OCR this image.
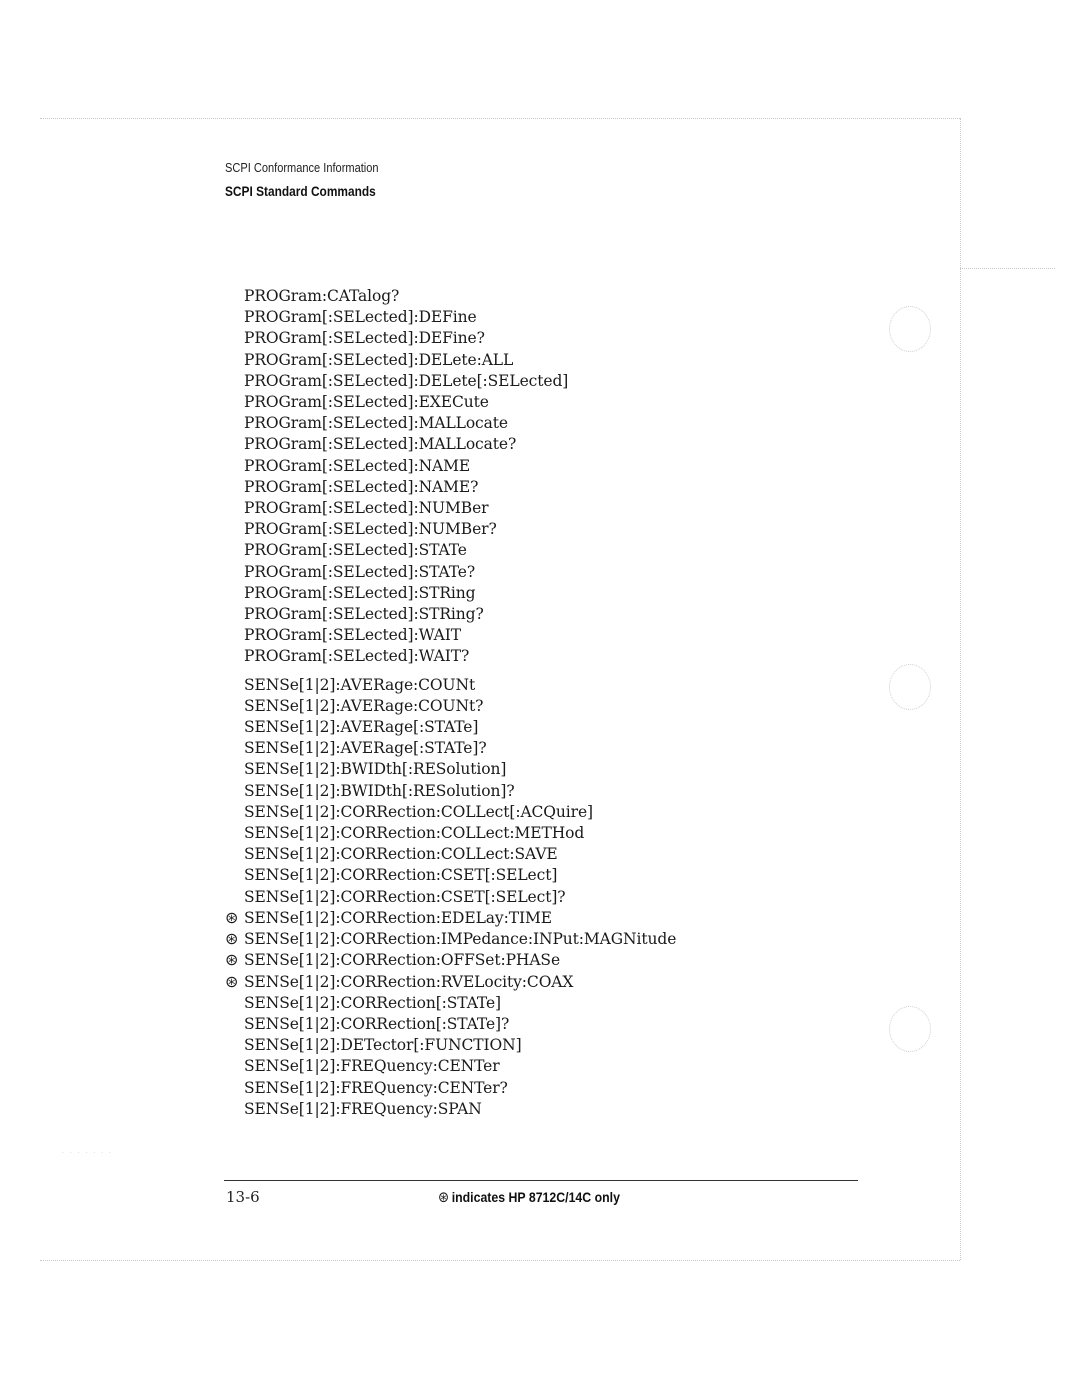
SCPI Conformance Information
SCPI Standard Commands
PROGram:CATalog?
PROGram[:SELected]:DEFine
PROGram[:SELected]:DEFine?
PROGram[:SELected]:DELete:ALL
PROGram[:SELected]:DELete[:SELected]
PROGram[:SELected]:EXECute
PROGram[:SELected]:MALLocate
PROGram[:SELected]:MALLocate?
PROGram[:SELected]:NAME
PROGram[:SELected]:NAME?
PROGram[:SELected]:NUMBer
PROGram[:SELected]:NUMBer?
PROGram[:SELected]:STATe
PROGram[:SELected]:STATe?
PROGram[:SELected]:STRing
PROGram[:SELected]:STRing?
PROGram[:SELected]:WAIT
PROGram[:SELected]:WAIT?
SENSe[1|2]:AVERage:COUNt
SENSe[1|2]:AVERage:COUNt?
SENSe[1|2]:AVERage[:STATe]
SENSe[1|2]:AVERage[:STATe]?
SENSe[1|2]:BWIDth[:RESolution]
SENSe[1|2]:BWIDth[:RESolution]?
SENSe[1|2]:CORRection:COLLect[:ACQuire]
SENSe[1|2]:CORRection:COLLect:METHod
SENSe[1|2]:CORRection:COLLect:SAVE
SENSe[1|2]:CORRection:CSET[:SELect]
SENSe[1|2]:CORRection:CSET[:SELect]?
⊛ SENSe[1|2]:CORRection:EDELay:TIME
⊛ SENSe[1|2]:CORRection:IMPedance:INPut:MAGNitude
⊛ SENSe[1|2]:CORRection:OFFSet:PHASe
⊛ SENSe[1|2]:CORRection:RVELocity:COAX
SENSe[1|2]:CORRection[:STATe]
SENSe[1|2]:CORRection[:STATe]?
SENSe[1|2]:DETector[:FUNCTION]
SENSe[1|2]:FREQuency:CENTer
SENSe[1|2]:FREQuency:CENTer?
SENSe[1|2]:FREQuency:SPAN
13-6	⊛ indicates HP 8712C/14C only
· · · · · · ·
